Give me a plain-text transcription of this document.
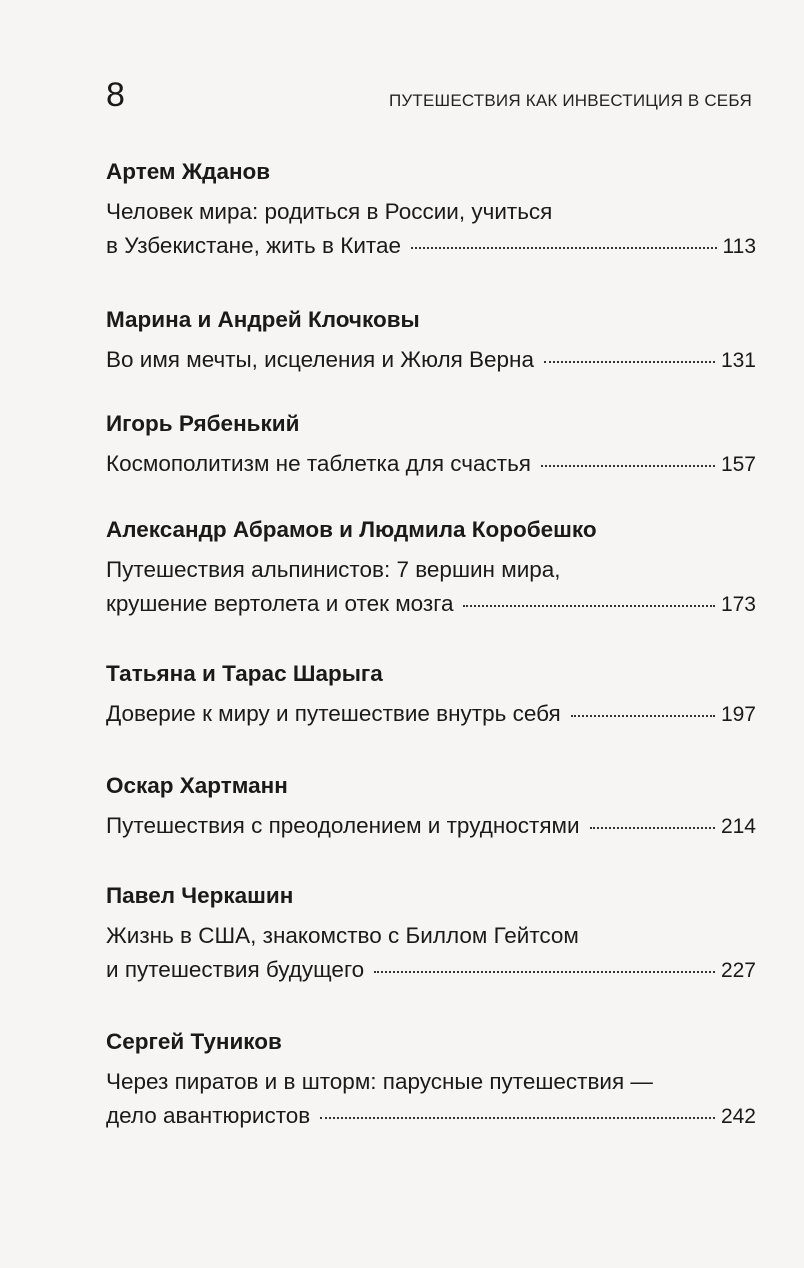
8	ПУТЕШЕСТВИЯ КАК ИНВЕСТИЦИЯ В СЕБЯ
Артем Жданов
Человек мира: родиться в России, учиться
в Узбекистане, жить в Китае	113
Марина и Андрей Клочковы
Во имя мечты, исцеления и Жюля Верна	131
Игорь Рябенький
Космополитизм не таблетка для счастья	157
Александр Абрамов и Людмила Коробешко
Путешествия альпинистов: 7 вершин мира,
крушение вертолета и отек мозга	173
Татьяна и Тарас Шарыга
Доверие к миру и путешествие внутрь себя	197
Оскар Хартманн
Путешествия с преодолением и трудностями	214
Павел Черкашин
Жизнь в США, знакомство с Биллом Гейтсом
и путешествия будущего	227
Сергей Туников
Через пиратов и в шторм: парусные путешествия —
дело авантюристов	242
